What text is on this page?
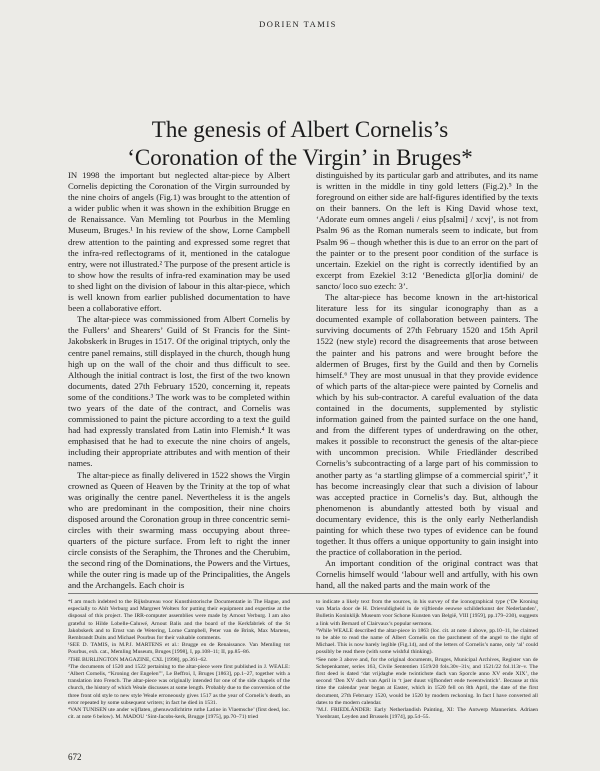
DORIEN TAMIS
The genesis of Albert Cornelis’s
‘Coronation of the Virgin’ in Bruges*

IN 1998 the important but neglected altar-piece by Albert Cornelis depicting the Coronation of the Virgin surrounded by the nine choirs of angels (Fig.1) was brought to the attention of a wider public when it was shown in the exhibition Brugge en de Renaissance. Van Memling tot Pourbus in the Memling Museum, Bruges.¹ In his review of the show, Lorne Campbell drew attention to the painting and expressed some regret that the infra-red reflectograms of it, mentioned in the catalogue entry, were not illustrated.² The purpose of the present article is to show how the results of infra-red examination may be used to shed light on the division of labour in this altar-piece, which is well known from earlier published documentation to have been a collaborative effort.

The altar-piece was commissioned from Albert Cornelis by the Fullers’ and Shearers’ Guild of St Francis for the Sint-Jakobskerk in Bruges in 1517. Of the original triptych, only the centre panel remains, still displayed in the church, though hung high up on the wall of the choir and thus difficult to see. Although the initial contract is lost, the first of the two known documents, dated 27th February 1520, concerning it, repeats some of the conditions.³ The work was to be completed within two years of the date of the contract, and Cornelis was commissioned to paint the picture according to a text the guild had had expressly translated from Latin into Flemish.⁴ It was emphasised that he had to execute the nine choirs of angels, including their appropriate attributes and with mention of their names.

The altar-piece as finally delivered in 1522 shows the Virgin crowned as Queen of Heaven by the Trinity at the top of what was originally the centre panel. Nevertheless it is the angels who are predominant in the composition, their nine choirs disposed around the Coronation group in three concentric semi-circles with their swarming mass occupying about three-quarters of the picture surface. From left to right the inner circle consists of the Seraphim, the Thrones and the Cherubim, the second ring of the Dominations, the Powers and the Virtues, while the outer ring is made up of the Principalities, the Angels and the Archangels. Each choir is

distinguished by its particular garb and attributes, and its name is written in the middle in tiny gold letters (Fig.2).⁵ In the foreground on either side are half-figures identified by the texts on their banners. On the left is King David whose text, ‘Adorate eum omnes angeli / eius p[salmi] / xcvj’, is not from Psalm 96 as the Roman numerals seem to indicate, but from Psalm 96 – though whether this is due to an error on the part of the painter or to the present poor condition of the surface is uncertain. Ezekiel on the right is correctly identified by an excerpt from Ezekiel 3:12 ‘Benedicta gl[or]ia domini/ de sancto/ loco suo ezech: 3’.

The altar-piece has become known in the art-historical literature less for its singular iconography than as a documented example of collaboration between painters. The surviving documents of 27th February 1520 and 15th April 1522 (new style) record the disagreements that arose between the painter and his patrons and were brought before the aldermen of Bruges, first by the Guild and then by Cornelis himself.⁶ They are most unusual in that they provide evidence of which parts of the altar-piece were painted by Cornelis and which by his sub-contractor. A careful evaluation of the data contained in the documents, supplemented by stylistic information gained from the painted surface on the one hand, and from the different types of underdrawing on the other, makes it possible to reconstruct the genesis of the altar-piece with uncommon precision. While Friedländer described Cornelis’s subcontracting of a large part of his commission to another party as ‘a startling glimpse of a commercial spirit’,⁷ it has become increasingly clear that such a division of labour was accepted practice in Cornelis’s day. But, although the phenomenon is abundantly attested both by visual and documentary evidence, this is the only early Netherlandish painting for which these two types of evidence can be found together. It thus offers a unique opportunity to gain insight into the practice of collaboration in the period.

An important condition of the original contract was that Cornelis himself would ‘labour well and artfully, with his own hand, all the naked parts and the main work of the

*I am much indebted to the Rijksbureau voor Kunsthistorische Documentatie in The Hague, and especially to Ahlt Verburg and Margreet Wolters for putting their equipment and expertise at the disposal of this project. The IRR-computer assemblies were made by Arnout Verburg. I am also grateful to Hilde Lobelle-Caluwé, Arnout Balis and the board of the Kerkfabriek of the St Jakobskerk and to Ernst van de Wetering, Lorne Campbell, Peter van de Brink, Max Martens, Rembrandt Duits and Michael Pourbus for their valuable comments.

¹SEE D. TAMIS, in M.P.J. MARTENS et al.: Brugge en de Renaissance. Van Memling tot Pourbus, exh. cat., Memling Museum, Bruges [1998], I, pp.108–11; II, pp.85–86.

²THE BURLINGTON MAGAZINE, CXL [1998], pp.361–62.

³The documents of 1520 and 1522 pertaining to the altar-piece were first published in J. WEALE: ‘Albert Cornelis, “Kroning der Engelen”’, Le Beffroi, I, Bruges [1863], pp.1–27, together with a translation into French. The altar-piece was originally intended for one of the side chapels of the church, the history of which Weale discusses at some length. Probably due to the conversion of the three front old style to new style Weale erroneously gives 1517 as the year of Cornelis’s death, an error repeated by some subsequent writers; in fact he died in 1531.

⁴VAN TUNISEN ute ander wijflaten, ghenuwzdichtirte ruthe Latine in Vlaemsche’ (first deed, loc. cit. at note 6 below). M. MADOU ‘Sint-Jacobs-kerk, Brugge [1975], pp.70–71) tried

to indicate a likely text from the sources, in his survey of the iconographical type (‘De Kroning van Maria door de H. Drievuldigheid in de vijftiende eeuwse schilderkunst der Nederlanden’, Bulletin Koninklijk Museum voor Schone Kunsten van België, VIII [1959], pp.179–230), suggests a link with Bernard of Clairvaux’s popular sermons.

⁵While WEALE described the altar-piece in 1863 (loc. cit. at note 4 above, pp.10–11, he claimed to be able to read the name of Albert Cornelis on the parchment of the angel to the right of Michael. This is now barely legible (Fig.14), and of the letters of Cornelis’s name, only ‘al’ could possibly be read there (with some wishful thinking).

⁶See note 3 above and, for the original documents, Bruges, Municipal Archives, Register van de Schepenkamer, series 163, Civile Sententien 1519/20 fols.30v–31v, and 1521/22 fol.113r–v. The first deed is dated ‘dat vrijdaghe ende twintichste dach van Sporcle anno XV ende XIX’, the second ‘Den XV dach van April in ‘t jaer duust vijfhondert ende tweentwintich’. Because at this time the calendar year began at Easter, which in 1520 fell on 8th April, the date of the first document, 27th February 1520, would be 1520 by modern reckoning. In fact I have converted all dates to the modern calendar.

⁷M.J. FRIEDLÄNDER: Early Netherlandish Painting, XI: The Antwerp Mannerists. Adriaen Ysenbrant, Leyden and Brussels [1974], pp.54–55.

672
